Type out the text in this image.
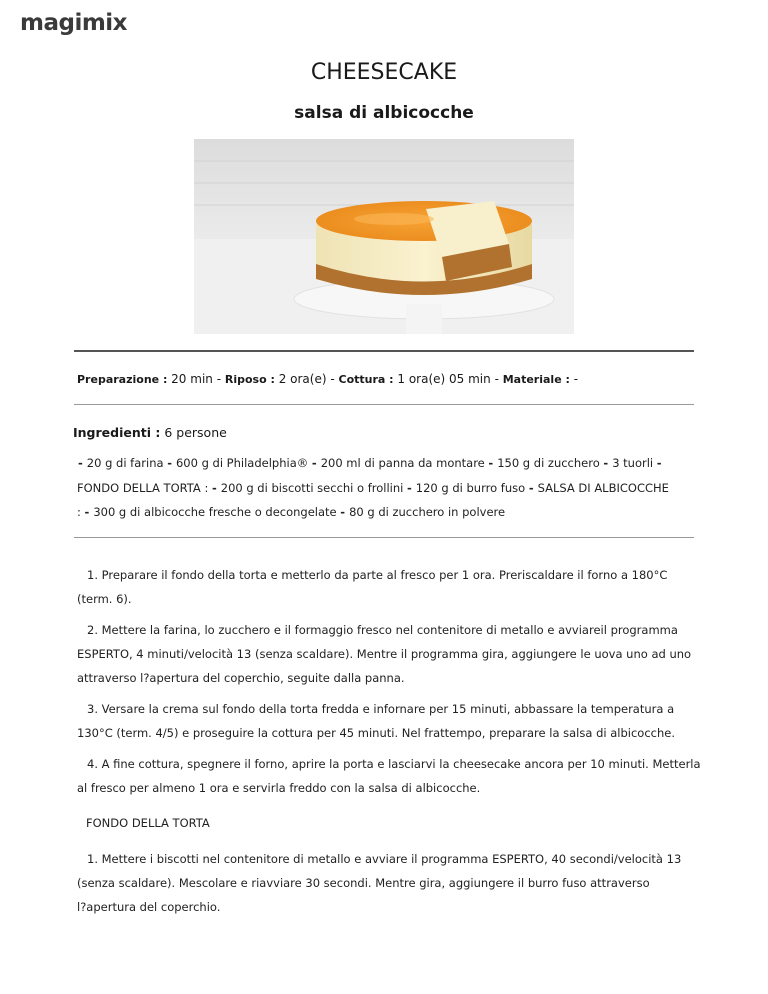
magimix
CHEESECAKE
salsa di albicocche
Preparazione : 20 min - Riposo : 2 ora(e) - Cottura : 1 ora(e) 05 min - Materiale : -
Ingredienti : 6 persone
- 20 g di farina - 600 g di Philadelphia® - 200 ml di panna da montare - 150 g di zucchero - 3 tuorli -
FONDO DELLA TORTA : - 200 g di biscotti secchi o frollini - 120 g di burro fuso - SALSA DI ALBICOCCHE
: - 300 g di albicocche fresche o decongelate - 80 g di zucchero in polvere
1. Preparare il fondo della torta e metterlo da parte al fresco per 1 ora. Preriscaldare il forno a 180°C
(term. 6).
2. Mettere la farina, lo zucchero e il formaggio fresco nel contenitore di metallo e avviareil programma
ESPERTO, 4 minuti/velocità 13 (senza scaldare). Mentre il programma gira, aggiungere le uova uno ad uno
attraverso l?apertura del coperchio, seguite dalla panna.
3. Versare la crema sul fondo della torta fredda e infornare per 15 minuti, abbassare la temperatura a
130°C (term. 4/5) e proseguire la cottura per 45 minuti. Nel frattempo, preparare la salsa di albicocche.
4. A fine cottura, spegnere il forno, aprire la porta e lasciarvi la cheesecake ancora per 10 minuti. Metterla
al fresco per almeno 1 ora e servirla freddo con la salsa di albicocche.
FONDO DELLA TORTA
1. Mettere i biscotti nel contenitore di metallo e avviare il programma ESPERTO, 40 secondi/velocità 13
(senza scaldare). Mescolare e riavviare 30 secondi. Mentre gira, aggiungere il burro fuso attraverso
l?apertura del coperchio.
